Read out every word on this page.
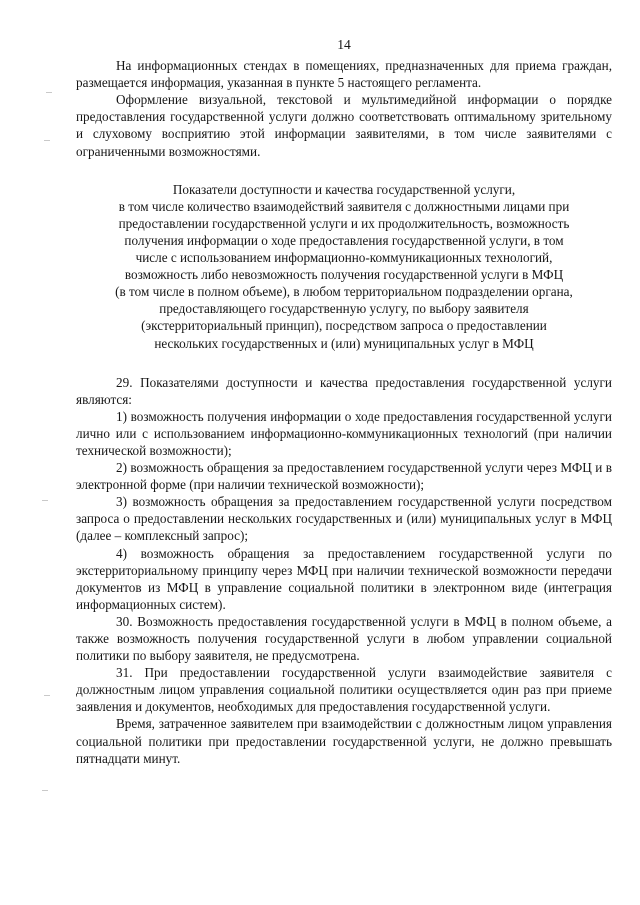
14

На информационных стендах в помещениях, предназначенных для приема граждан, размещается информация, указанная в пункте 5 настоящего регламента.

Оформление визуальной, текстовой и мультимедийной информации о порядке предоставления государственной услуги должно соответствовать оптимальному зрительному и слуховому восприятию этой информации заявителями, в том числе заявителями с ограниченными возможностями.

Показатели доступности и качества государственной услуги,
в том числе количество взаимодействий заявителя с должностными лицами при
предоставлении государственной услуги и их продолжительность, возможность
получения информации о ходе предоставления государственной услуги, в том
числе с использованием информационно-коммуникационных технологий,
возможность либо невозможность получения государственной услуги в МФЦ
(в том числе в полном объеме), в любом территориальном подразделении органа,
предоставляющего государственную услугу, по выбору заявителя
(экстерриториальный принцип), посредством запроса о предоставлении
нескольких государственных и (или) муниципальных услуг в МФЦ

29. Показателями доступности и качества предоставления государственной услуги являются:

1) возможность получения информации о ходе предоставления государственной услуги лично или с использованием информационно-коммуникационных технологий (при наличии технической возможности);

2) возможность обращения за предоставлением государственной услуги через МФЦ и в электронной форме (при наличии технической возможности);

3) возможность обращения за предоставлением государственной услуги посредством запроса о предоставлении нескольких государственных и (или) муниципальных услуг в МФЦ (далее – комплексный запрос);

4) возможность обращения за предоставлением государственной услуги по экстерриториальному принципу через МФЦ при наличии технической возможности передачи документов из МФЦ в управление социальной политики в электронном виде (интеграция информационных систем).

30. Возможность предоставления государственной услуги в МФЦ в полном объеме, а также возможность получения государственной услуги в любом управлении социальной политики по выбору заявителя, не предусмотрена.

31. При предоставлении государственной услуги взаимодействие заявителя с должностным лицом управления социальной политики осуществляется один раз при приеме заявления и документов, необходимых для предоставления государственной услуги.

Время, затраченное заявителем при взаимодействии с должностным лицом управления социальной политики при предоставлении государственной услуги, не должно превышать пятнадцати минут.
